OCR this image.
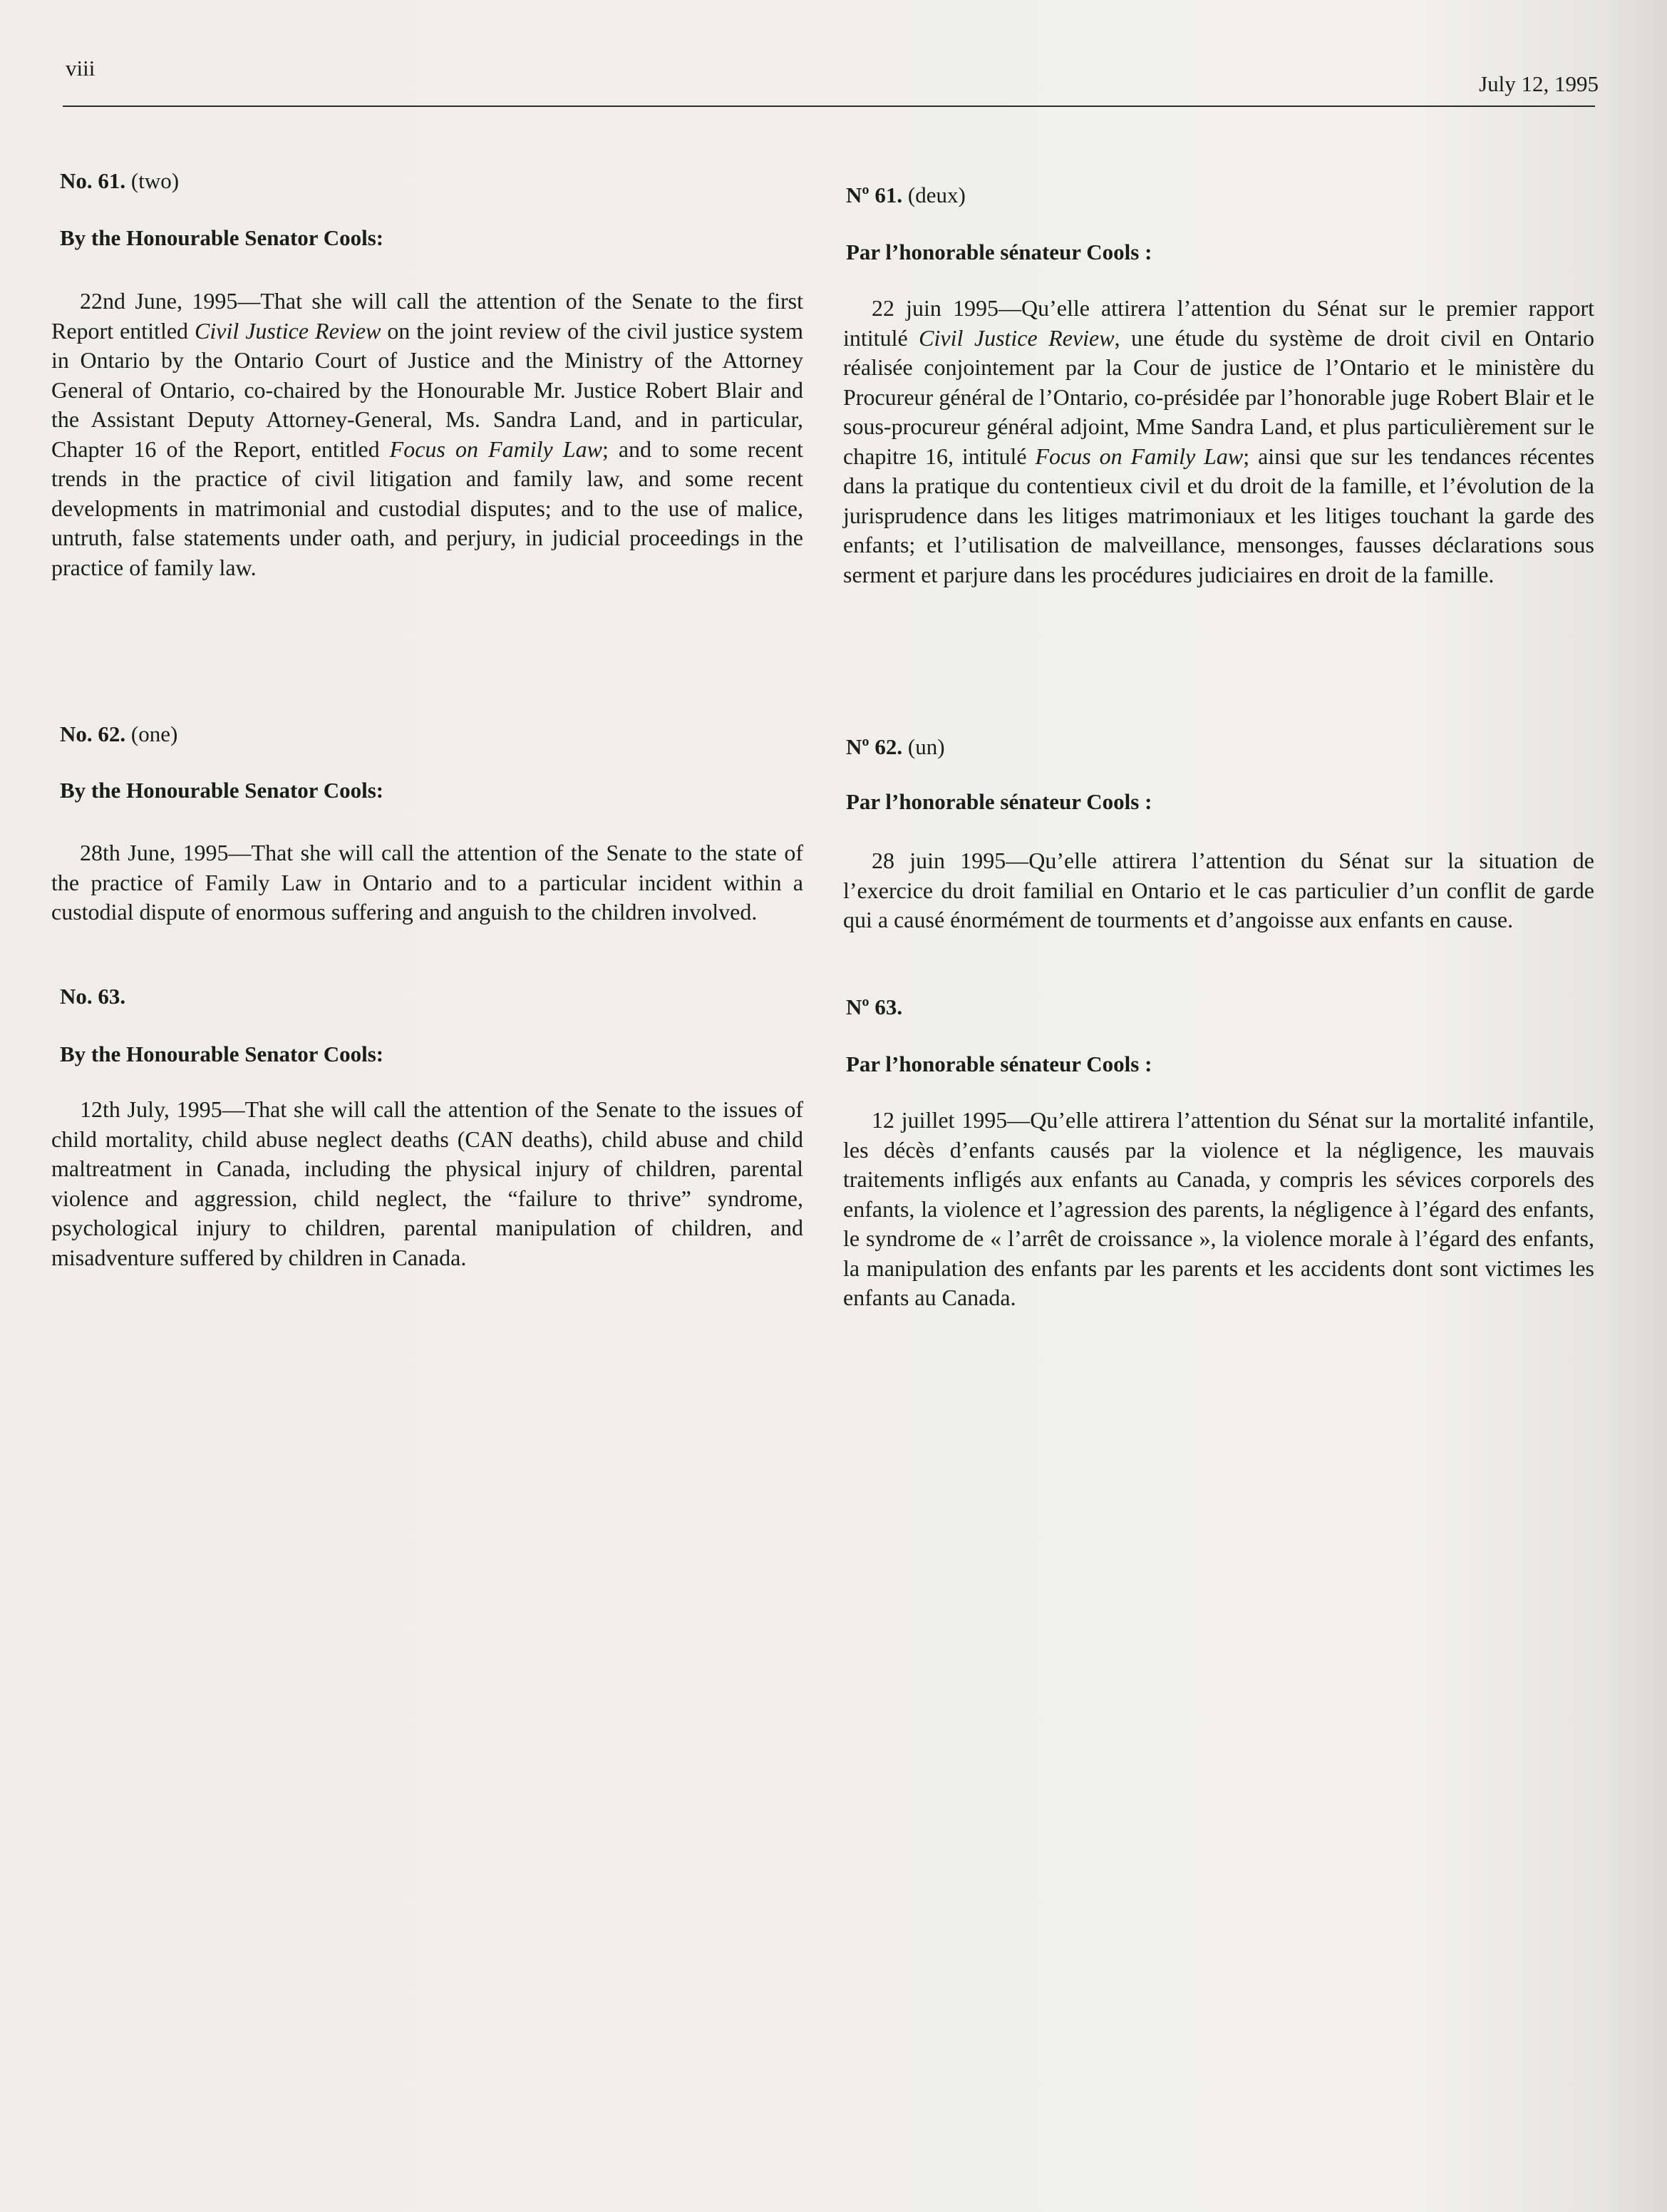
viii
July 12, 1995
No. 61. (two)
By the Honourable Senator Cools:

22nd June, 1995—That she will call the attention of the Senate to the first Report entitled Civil Justice Review on the joint review of the civil justice system in Ontario by the Ontario Court of Justice and the Ministry of the Attorney General of Ontario, co-chaired by the Honourable Mr. Justice Robert Blair and the Assistant Deputy Attorney-General, Ms. Sandra Land, and in particular, Chapter 16 of the Report, entitled Focus on Family Law; and to some recent trends in the practice of civil litigation and family law, and some recent developments in matrimonial and custodial disputes; and to the use of malice, untruth, false statements under oath, and perjury, in judicial proceedings in the practice of family law.

No. 62. (one)
By the Honourable Senator Cools:

28th June, 1995—That she will call the attention of the Senate to the state of the practice of Family Law in Ontario and to a particular incident within a custodial dispute of enormous suffering and anguish to the children involved.

No. 63.
By the Honourable Senator Cools:

12th July, 1995—That she will call the attention of the Senate to the issues of child mortality, child abuse neglect deaths (CAN deaths), child abuse and child maltreatment in Canada, including the physical injury of children, parental violence and aggression, child neglect, the “failure to thrive” syndrome, psychological injury to children, parental manipulation of children, and misadventure suffered by children in Canada.

Nº 61. (deux)
Par l’honorable sénateur Cools :

22 juin 1995—Qu’elle attirera l’attention du Sénat sur le premier rapport intitulé Civil Justice Review, une étude du système de droit civil en Ontario réalisée conjointement par la Cour de justice de l’Ontario et le ministère du Procureur général de l’Ontario, co-présidée par l’honorable juge Robert Blair et le sous-procureur général adjoint, Mme Sandra Land, et plus particulièrement sur le chapitre 16, intitulé Focus on Family Law; ainsi que sur les tendances récentes dans la pratique du contentieux civil et du droit de la famille, et l’évolution de la jurisprudence dans les litiges matrimoniaux et les litiges touchant la garde des enfants; et l’utilisation de malveillance, mensonges, fausses déclarations sous serment et parjure dans les procédures judiciaires en droit de la famille.

Nº 62. (un)
Par l’honorable sénateur Cools :

28 juin 1995—Qu’elle attirera l’attention du Sénat sur la situation de l’exercice du droit familial en Ontario et le cas particulier d’un conflit de garde qui a causé énormément de tourments et d’angoisse aux enfants en cause.

Nº 63.
Par l’honorable sénateur Cools :

12 juillet 1995—Qu’elle attirera l’attention du Sénat sur la mortalité infantile, les décès d’enfants causés par la violence et la négligence, les mauvais traitements infligés aux enfants au Canada, y compris les sévices corporels des enfants, la violence et l’agression des parents, la négligence à l’égard des enfants, le syndrome de « l’arrêt de croissance », la violence morale à l’égard des enfants, la manipulation des enfants par les parents et les accidents dont sont victimes les enfants au Canada.
